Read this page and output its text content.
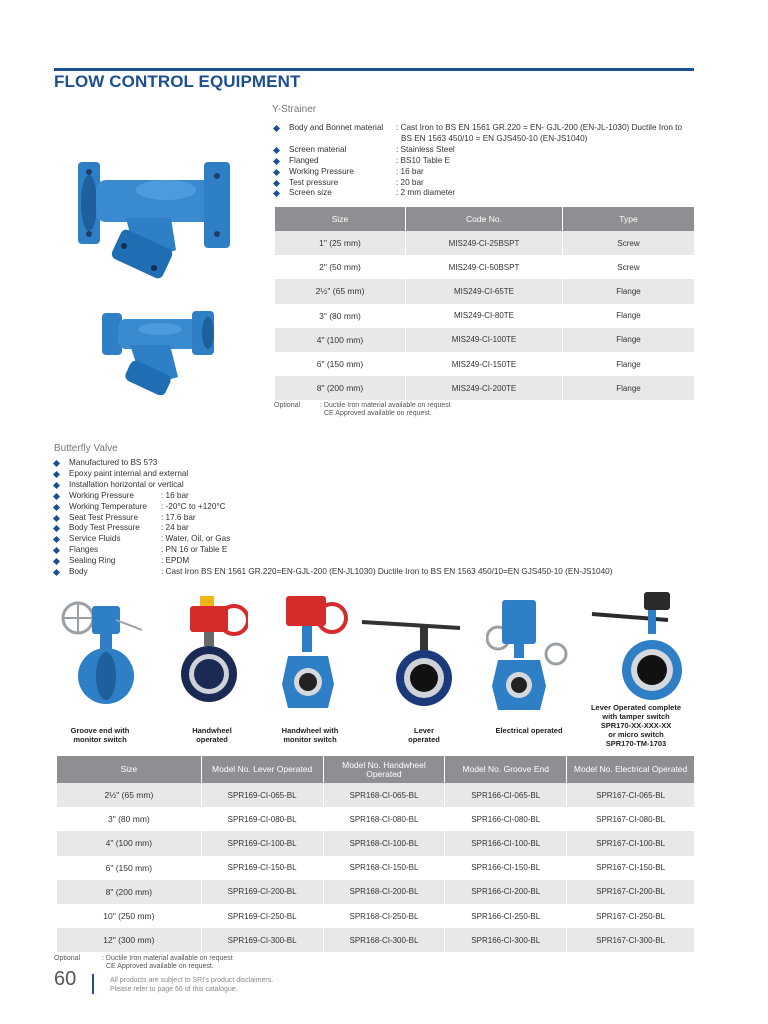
FLOW CONTROL EQUIPMENT
Y-Strainer
Body and Bonnet material : Cast Iron to BS EN 1561 GR.220 = EN- GJL-200 (EN-JL-1030) Ductile Iron to
BS EN 1563 450/10 = EN GJS450-10 (EN-JS1040)

Screen material	: Stainless Steel
Flanged	: BS10 Table E
Working Pressure	: 16 bar
Test pressure	: 20 bar
Screen size	: 2 mm diameter
Size	Code No.	Type
1" (25 mm)	MIS249-CI-25BSPT	Screw
2" (50 mm)	MIS249-CI-50BSPT	Screw
2½" (65 mm)	MIS249-CI-65TE	Flange
3" (80 mm)	MIS249-CI-80TE	Flange
4" (100 mm)	MIS249-CI-100TE	Flange
6" (150 mm)	MIS249-CI-150TE	Flange
8" (200 mm)	MIS249-CI-200TE	Flange
Optional	: Ductile Iron material available on request
CE Approved available on request.
Butterfly Valve
Manufactured to BS 5?3
Epoxy paint internal and external
Installation horizontal or vertical
Working Pressure	: 16 bar
Working Temperature : -20°C to +120°C
Seat Test Pressure	: 17.6 bar
Body Test Pressure	: 24 bar
Service Fluids	: Water, Oil, or Gas
Flanges	: PN 16 or Table E
Sealing Ring	: EPDM
Body	: Cast Iron BS EN 1561 GR.220=EN-GJL-200 (EN-JL1030) Ductile Iron to BS EN 1563 450/10=EN GJS450-10 (EN-JS1040)
Groove end with
monitor switch
Handwheel
operated
Handwheel with
monitor switch
Lever
operated
Electrical operated
Lever Operated complete
with tamper switch
SPR170-XX-XXX-XX
or micro switch
SPR170-TM-1703
Size	Model No. Lever Operated	Model No. Handwheel Operated	Model No. Groove End	Model No. Electrical Operated
2½" (65 mm)	SPR169-CI-065-BL	SPR168-CI-065-BL	SPR166-CI-065-BL	SPR167-CI-065-BL
3" (80 mm)	SPR169-CI-080-BL	SPR168-CI-080-BL	SPR166-CI-080-BL	SPR167-CI-080-BL
4" (100 mm)	SPR169-CI-100-BL	SPR168-CI-100-BL	SPR166-CI-100-BL	SPR167-CI-100-BL
6" (150 mm)	SPR169-CI-150-BL	SPR168-CI-150-BL	SPR166-CI-150-BL	SPR167-CI-150-BL
8" (200 mm)	SPR169-CI-200-BL	SPR168-CI-200-BL	SPR166-CI-200-BL	SPR167-CI-200-BL
10" (250 mm)	SPR169-CI-250-BL	SPR168-CI-250-BL	SPR166-CI-250-BL	SPR167-CI-250-BL
12" (300 mm)	SPR169-CI-300-BL	SPR168-CI-300-BL	SPR166-CI-300-BL	SPR167-CI-300-BL
Optional	: Ductile Iron material available on request
CE Approved available on request.
60	All products are subject to SRI's product disclaimers.
Please refer to page 66 of this catalogue.
